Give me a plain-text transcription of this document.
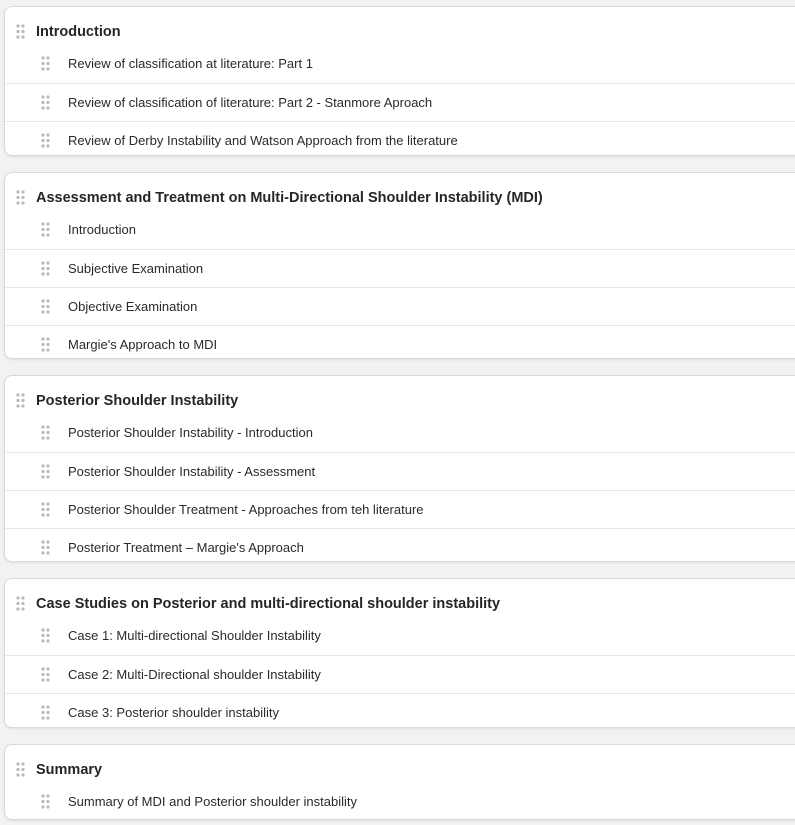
Introduction
Review of classification at literature: Part 1
Review of classification of literature: Part 2 - Stanmore Aproach
Review of Derby Instability and Watson Approach from the literature
Assessment and Treatment on Multi-Directional Shoulder Instability (MDI)
Introduction
Subjective Examination
Objective Examination
Margie's Approach to MDI
Posterior Shoulder Instability
Posterior Shoulder Instability - Introduction
Posterior Shoulder Instability - Assessment
Posterior Shoulder Treatment - Approaches from teh literature
Posterior Treatment – Margie's Approach
Case Studies on Posterior and multi-directional shoulder instability
Case 1: Multi-directional Shoulder Instability
Case 2: Multi-Directional shoulder Instability
Case 3: Posterior shoulder instability
Summary
Summary of MDI and Posterior shoulder instability
